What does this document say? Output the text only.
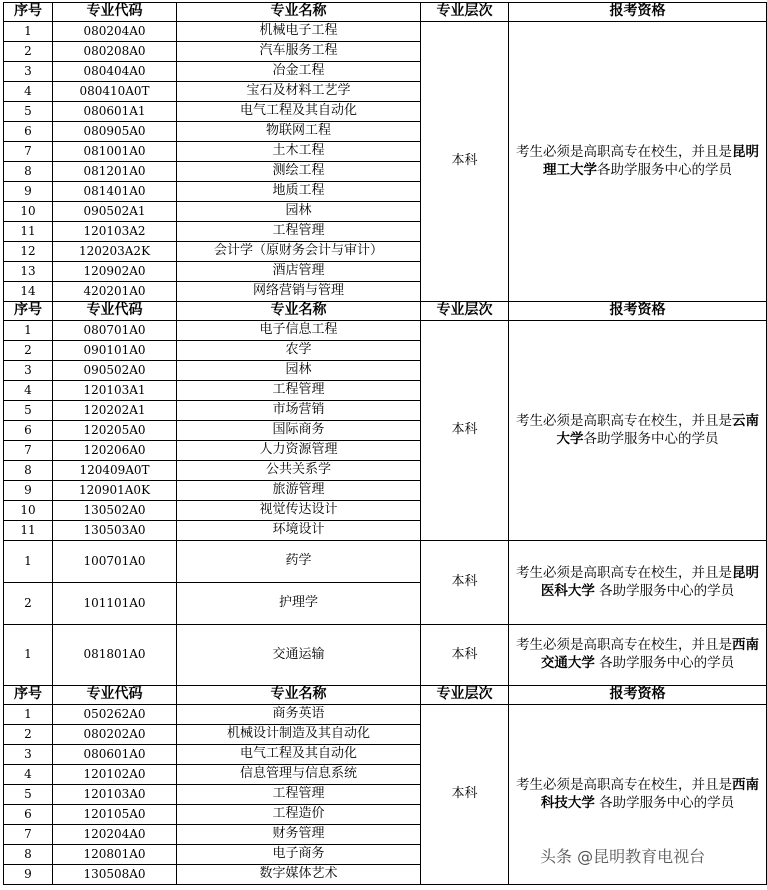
序号	专业代码	专业名称	专业层次	报考资格
1	080204A0	机械电子工程	本科	考生必须是高职高专在校生，并且是昆明理工大学各助学服务中心的学员
2	080208A0	汽车服务工程		
3	080404A0	冶金工程		
4	080410A0T	宝石及材料工艺学		
5	080601A1	电气工程及其自动化		
6	080905A0	物联网工程		
7	081001A0	土木工程		
8	081201A0	测绘工程		
9	081401A0	地质工程		
10	090502A1	园林		
11	120103A2	工程管理		
12	120203A2K	会计学（原财务会计与审计）		
13	120902A0	酒店管理		
14	420201A0	网络营销与管理		
序号	专业代码	专业名称	专业层次	报考资格
1	080701A0	电子信息工程	本科	考生必须是高职高专在校生，并且是云南大学各助学服务中心的学员
2	090101A0	农学		
3	090502A0	园林		
4	120103A1	工程管理		
5	120202A1	市场营销		
6	120205A0	国际商务		
7	120206A0	人力资源管理		
8	120409A0T	公共关系学		
9	120901A0K	旅游管理		
10	130502A0	视觉传达设计		
11	130503A0	环境设计		
1	100701A0	药学	本科	考生必须是高职高专在校生，并且是昆明医科大学 各助学服务中心的学员
2	101101A0	护理学		
1	081801A0	交通运输	本科	考生必须是高职高专在校生，并且是西南交通大学 各助学服务中心的学员
序号	专业代码	专业名称	专业层次	报考资格
1	050262A0	商务英语	本科	考生必须是高职高专在校生，并且是西南科技大学 各助学服务中心的学员
2	080202A0	机械设计制造及其自动化		
3	080601A0	电气工程及其自动化		
4	120102A0	信息管理与信息系统		
5	120103A0	工程管理		
6	120105A0	工程造价		
7	120204A0	财务管理		
8	120801A0	电子商务		
9	130508A0	数字媒体艺术		
头条 @昆明教育电视台
